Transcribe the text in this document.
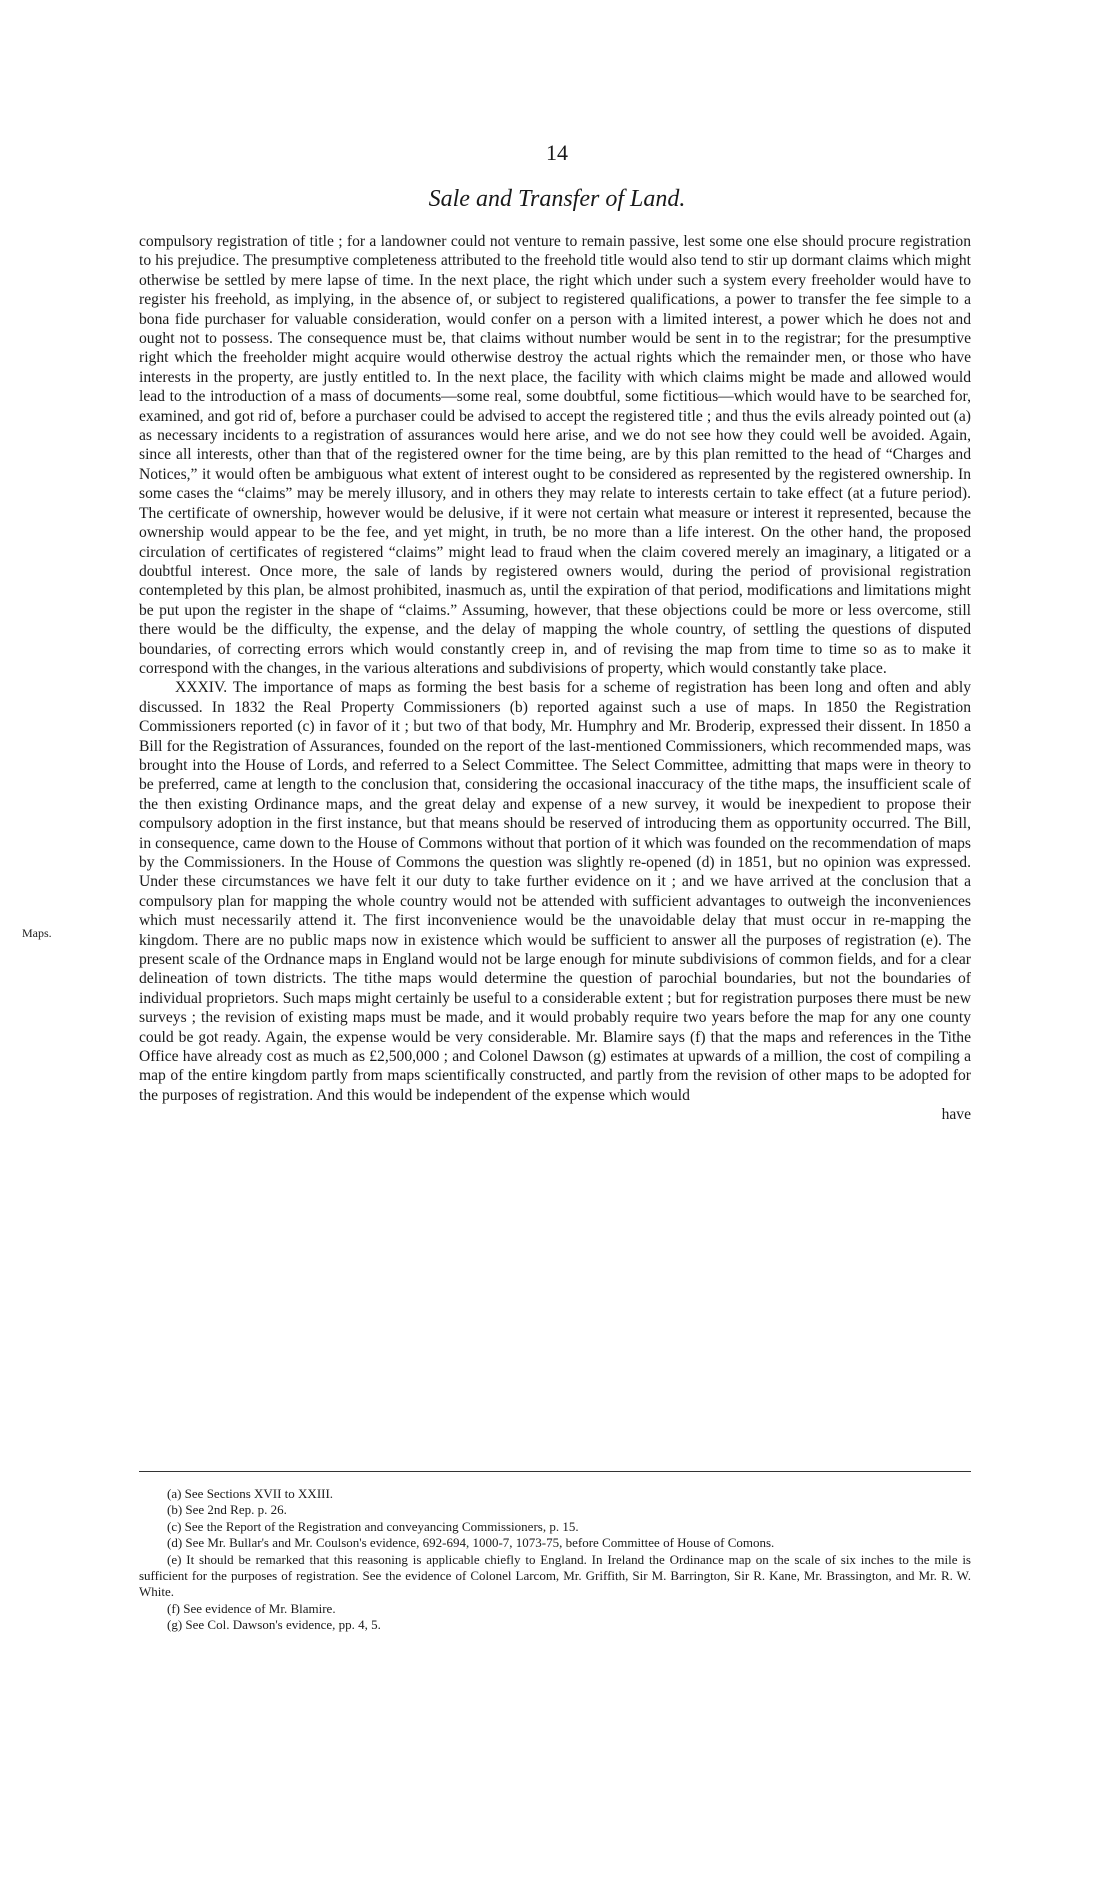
14
Sale and Transfer of Land.
Maps.

compulsory registration of title ; for a landowner could not venture to remain passive, lest some one else should procure registration to his prejudice. The presumptive completeness attributed to the freehold title would also tend to stir up dormant claims which might otherwise be settled by mere lapse of time. In the next place, the right which under such a system every freeholder would have to register his freehold, as implying, in the absence of, or subject to registered qualifications, a power to transfer the fee simple to a bona fide purchaser for valuable consideration, would confer on a person with a limited interest, a power which he does not and ought not to possess. The consequence must be, that claims without number would be sent in to the registrar; for the presumptive right which the freeholder might acquire would otherwise destroy the actual rights which the remainder men, or those who have interests in the property, are justly entitled to. In the next place, the facility with which claims might be made and allowed would lead to the introduction of a mass of documents—some real, some doubtful, some fictitious—which would have to be searched for, examined, and got rid of, before a purchaser could be advised to accept the registered title ; and thus the evils already pointed out (a) as necessary incidents to a registration of assurances would here arise, and we do not see how they could well be avoided. Again, since all interests, other than that of the registered owner for the time being, are by this plan remitted to the head of “Charges and Notices,” it would often be ambiguous what extent of interest ought to be considered as represented by the registered ownership. In some cases the “claims” may be merely illusory, and in others they may relate to interests certain to take effect (at a future period). The certificate of ownership, however would be delusive, if it were not certain what measure or interest it represented, because the ownership would appear to be the fee, and yet might, in truth, be no more than a life interest. On the other hand, the proposed circulation of certificates of registered “claims” might lead to fraud when the claim covered merely an imaginary, a litigated or a doubtful interest. Once more, the sale of lands by registered owners would, during the period of provisional registration contempleted by this plan, be almost prohibited, inasmuch as, until the expiration of that period, modifications and limitations might be put upon the register in the shape of “claims.” Assuming, however, that these objections could be more or less overcome, still there would be the difficulty, the expense, and the delay of mapping the whole country, of settling the questions of disputed boundaries, of correcting errors which would constantly creep in, and of revising the map from time to time so as to make it correspond with the changes, in the various alterations and subdivisions of property, which would constantly take place.

XXXIV. The importance of maps as forming the best basis for a scheme of registration has been long and often and ably discussed. In 1832 the Real Property Commissioners (b) reported against such a use of maps. In 1850 the Registration Commissioners reported (c) in favor of it ; but two of that body, Mr. Humphry and Mr. Broderip, expressed their dissent. In 1850 a Bill for the Registration of Assurances, founded on the report of the last-mentioned Commissioners, which recommended maps, was brought into the House of Lords, and referred to a Select Committee. The Select Committee, admitting that maps were in theory to be preferred, came at length to the conclusion that, considering the occasional inaccuracy of the tithe maps, the insufficient scale of the then existing Ordinance maps, and the great delay and expense of a new survey, it would be inexpedient to propose their compulsory adoption in the first instance, but that means should be reserved of introducing them as opportunity occurred. The Bill, in consequence, came down to the House of Commons without that portion of it which was founded on the recommendation of maps by the Commissioners. In the House of Commons the question was slightly re-opened (d) in 1851, but no opinion was expressed. Under these circumstances we have felt it our duty to take further evidence on it ; and we have arrived at the conclusion that a compulsory plan for mapping the whole country would not be attended with sufficient advantages to outweigh the inconveniences which must necessarily attend it. The first inconvenience would be the unavoidable delay that must occur in re-mapping the kingdom. There are no public maps now in existence which would be sufficient to answer all the purposes of registration (e). The present scale of the Ordnance maps in England would not be large enough for minute subdivisions of common fields, and for a clear delineation of town districts. The tithe maps would determine the question of parochial boundaries, but not the boundaries of individual proprietors. Such maps might certainly be useful to a considerable extent ; but for registration purposes there must be new surveys ; the revision of existing maps must be made, and it would probably require two years before the map for any one county could be got ready. Again, the expense would be very considerable. Mr. Blamire says (f) that the maps and references in the Tithe Office have already cost as much as £2,500,000 ; and Colonel Dawson (g) estimates at upwards of a million, the cost of compiling a map of the entire kingdom partly from maps scientifically constructed, and partly from the revision of other maps to be adopted for the purposes of registration. And this would be independent of the expense which would

have

(a) See Sections XVII to XXIII.

(b) See 2nd Rep. p. 26.

(c) See the Report of the Registration and conveyancing Commissioners, p. 15.

(d) See Mr. Bullar's and Mr. Coulson's evidence, 692-694, 1000-7, 1073-75, before Committee of House of Comons.

(e) It should be remarked that this reasoning is applicable chiefly to England. In Ireland the Ordinance map on the scale of six inches to the mile is sufficient for the purposes of registration. See the evidence of Colonel Larcom, Mr. Griffith, Sir M. Barrington, Sir R. Kane, Mr. Brassington, and Mr. R. W. White.

(f) See evidence of Mr. Blamire.

(g) See Col. Dawson's evidence, pp. 4, 5.
